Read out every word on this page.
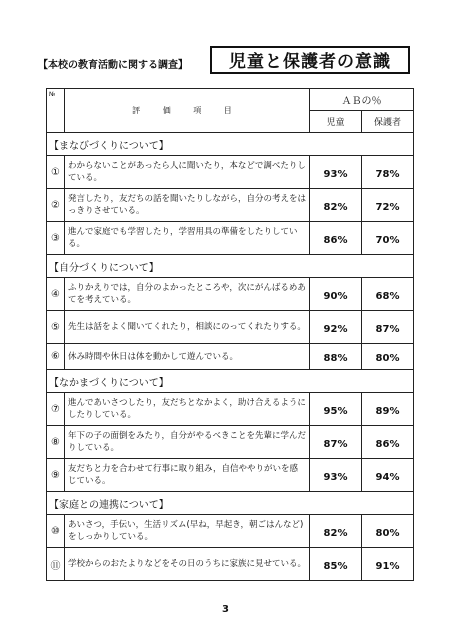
【本校の教育活動に関する調査】	児童と保護者の意識
№	評 価 項 目	ＡＢの％	
		児童	保護者
【まなびづくりについて】			
①	わからないことがあったら人に聞いたり，本などで調べたりしている。	93%	78%
②	発言したり，友だちの話を聞いたりしながら，自分の考えをはっきりさせている。	82%	72%
③	進んで家庭でも学習したり，学習用具の準備をしたりしている。	86%	70%
【自分づくりについて】			
④	ふりかえりでは，自分のよかったところや，次にがんばるめあてを考えている。	90%	68%
⑤	先生は話をよく聞いてくれたり，相談にのってくれたりする。	92%	87%
⑥	休み時間や休日は体を動かして遊んでいる。	88%	80%
【なかまづくりについて】			
⑦	進んであいさつしたり，友だちとなかよく，助け合えるようにしたりしている。	95%	89%
⑧	年下の子の面倒をみたり，自分がやるべきことを先輩に学んだりしている。	87%	86%
⑨	友だちと力を合わせて行事に取り組み，自信ややりがいを感じている。	93%	94%
【家庭との連携について】			
⑩	あいさつ，手伝い，生活リズム(早ね，早起き，朝ごはんなど)をしっかりしている。	82%	80%
⑪	学校からのおたよりなどをその日のうちに家族に見せている。	85%	91%
3
